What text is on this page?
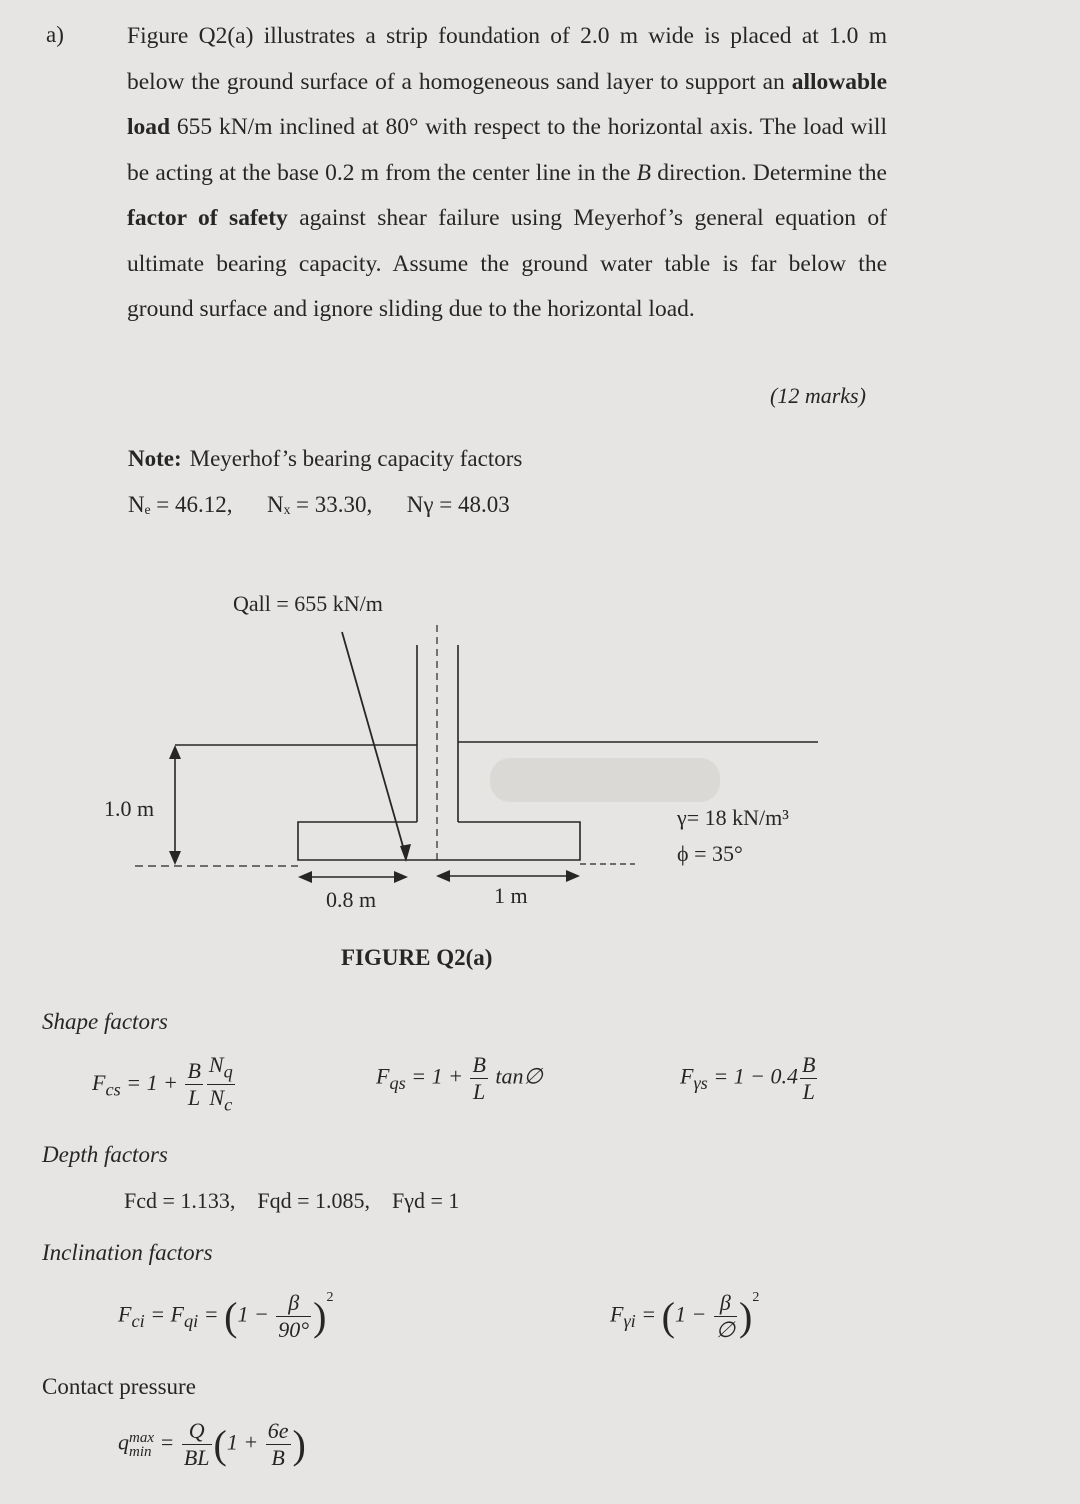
a)	Figure Q2(a) illustrates a strip foundation of 2.0 m wide is placed at 1.0 m below the ground surface of a homogeneous sand layer to support an allowable load 655 kN/m inclined at 80° with respect to the horizontal axis. The load will be acting at the base 0.2 m from the center line in the B direction. Determine the factor of safety against shear failure using Meyerhof’s general equation of ultimate bearing capacity. Assume the ground water table is far below the ground surface and ignore sliding due to the horizontal load.
(12 marks)
Note: Meyerhof’s bearing capacity factors
Nₑ = 46.12, Nₓ = 33.30, Nγ = 48.03
Qall = 655 kN/m
1.0 m	γ= 18 kN/m³
ϕ = 35°
0.8 m	1 m
FIGURE Q2(a)
Shape factors
$F_{cs} = 1 + \frac{B}{L} \frac{N_q}{N_c}$	$F_{qs} = 1 + \frac{B}{L}$ tan∅	$F_{\gamma s} = 1 - 0.4 \frac{B}{L}$
Depth factors
Fcd = 1.133,    Fqd = 1.085,    Fγd = 1
Inclination factors
$F_{ci} = F_{qi} = (1 - \frac{\beta}{90^\circ} )^2$
$F_{\gamma i} = (1 - \frac{\beta}{\emptyset} )^2$
Contact pressure
q max
$\min = \frac{Q}{BL} (1 + \frac{6e}{B}$ )
